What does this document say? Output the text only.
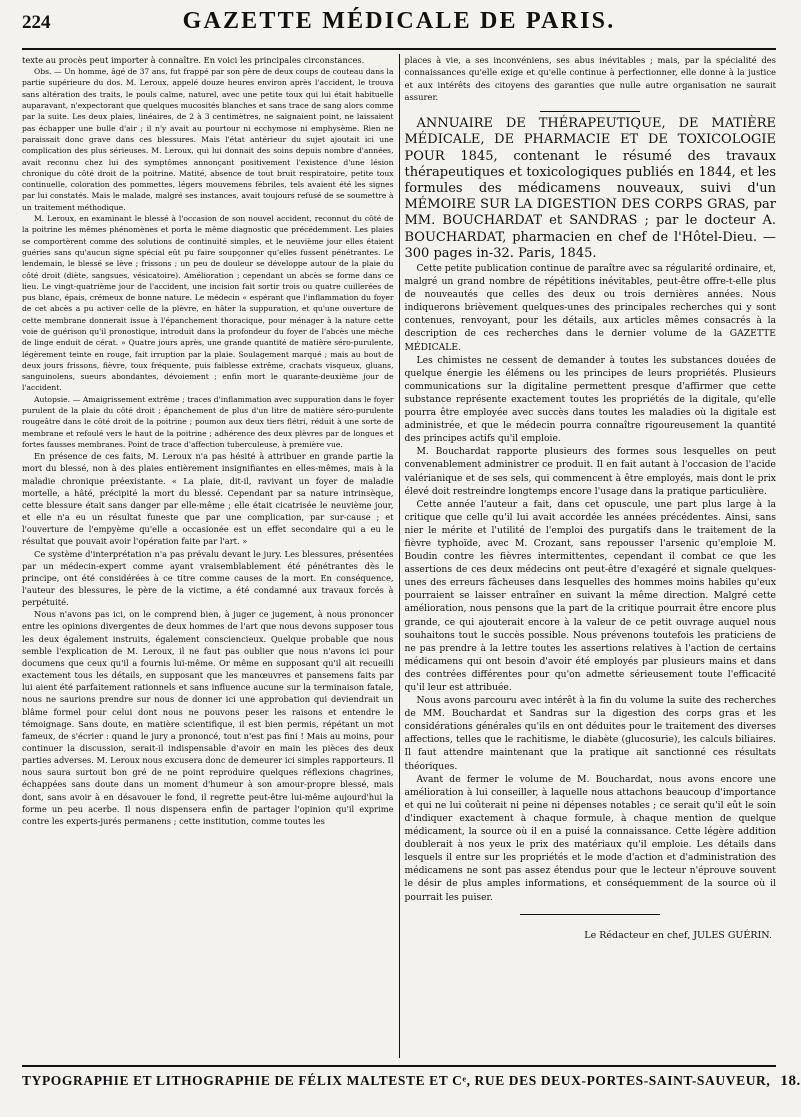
224	GAZETTE MÉDICALE DE PARIS.

texte au procès peut importer à connaître. En voici les principales circonstances.

Obs. — Un homme, âgé de 37 ans, fut frappé par son père de deux coups de couteau dans la partie supérieure du dos. M. Leroux, appelé douze heures environ après l'accident, le trouva sans altération des traits, le pouls calme, naturel, avec une petite toux qui lui était habituelle auparavant, n'expectorant que quelques mucosités blanches et sans trace de sang alors comme par la suite. Les deux plaies, linéaires, de 2 à 3 centimètres, ne saignaient point, ne laissaient pas échapper une bulle d'air ; il n'y avait au pourtour ni ecchymose ni emphysème. Rien ne paraissait donc grave dans ces blessures. Mais l'état antérieur du sujet ajoutait ici une complication des plus sérieuses. M. Leroux, qui lui donnait des soins depuis nombre d'années, avait reconnu chez lui des symptômes annonçant positivement l'existence d'une lésion chronique du côté droit de la poitrine. Matité, absence de tout bruit respiratoire, petite toux continuelle, coloration des pommettes, légers mouvemens fébriles, tels avaient été les signes par lui constatés. Mais le malade, malgré ses instances, avait toujours refusé de se soumettre à un traitement méthodique.

M. Leroux, en examinant le blessé à l'occasion de son nouvel accident, reconnut du côté de la poitrine les mêmes phénomènes et porta le même diagnostic que précédemment. Les plaies se comportèrent comme des solutions de continuité simples, et le neuvième jour elles étaient guéries sans qu'aucun signe spécial eût pu faire soupçonner qu'elles fussent pénétrantes. Le lendemain, le blessé se lève ; frissons ; un peu de douleur se développe autour de la plaie du côté droit (diète, sangsues, vésicatoire). Amélioration ; cependant un abcès se forme dans ce lieu. Le vingt-quatrième jour de l'accident, une incision fait sortir trois ou quatre cuillerées de pus blanc, épais, crémeux de bonne nature. Le médecin « espérant que l'inflammation du foyer de cet abcès a pu activer celle de la plèvre, en hâter la suppuration, et qu'une ouverture de cette membrane donnerait issue à l'épanchement thoracique, pour ménager à la nature cette voie de guérison qu'il pronostique, introduit dans la profondeur du foyer de l'abcès une mèche de linge enduit de cérat. » Quatre jours après, une grande quantité de matière séro-purulente, légèrement teinte en rouge, fait irruption par la plaie. Soulagement marqué ; mais au bout de deux jours frissons, fièvre, toux fréquente, puis faiblesse extrême, crachats visqueux, gluans, sanguinolens, sueurs abondantes, dévoiement ; enfin mort le quarante-deuxième jour de l'accident.

Autopsie. — Amaigrissement extrême ; traces d'inflammation avec suppuration dans le foyer purulent de la plaie du côté droit ; épanchement de plus d'un litre de matière séro-purulente rougeâtre dans le côté droit de la poitrine ; poumon aux deux tiers flétri, réduit à une sorte de membrane et refoulé vers le haut de la poitrine ; adhérence des deux plèvres par de longues et fortes fausses membranes. Point de trace d'affection tuberculeuse, à première vue.

En présence de ces faits, M. Leroux n'a pas hésité à attribuer en grande partie la mort du blessé, non à des plaies entièrement insignifiantes en elles-mêmes, mais à la maladie chronique préexistante. « La plaie, dit-il, ravivant un foyer de maladie mortelle, a hâté, précipité la mort du blessé. Cependant par sa nature intrinsèque, cette blessure était sans danger par elle-même ; elle était cicatrisée le neuvième jour, et elle n'a eu un résultat funeste que par une complication, par sur-cause ; et l'ouverture de l'empyème qu'elle a occasionée est un effet secondaire qui a eu le résultat que pouvait avoir l'opération faite par l'art. »

Ce système d'interprétation n'a pas prévalu devant le jury. Les blessures, présentées par un médecin-expert comme ayant vraisemblablement été pénétrantes dès le principe, ont été considérées à ce titre comme causes de la mort. En conséquence, l'auteur des blessures, le père de la victime, a été condamné aux travaux forcés à perpétuité.

Nous n'avons pas ici, on le comprend bien, à juger ce jugement, à nous prononcer entre les opinions divergentes de deux hommes de l'art que nous devons supposer tous les deux également instruits, également consciencieux. Quelque probable que nous semble l'explication de M. Leroux, il ne faut pas oublier que nous n'avons ici pour documens que ceux qu'il a fournis lui-même. Or même en supposant qu'il ait recueilli exactement tous les détails, en supposant que les manœuvres et pansemens faits par lui aient été parfaitement rationnels et sans influence aucune sur la terminaison fatale, nous ne saurions prendre sur nous de donner ici une approbation qui deviendrait un blâme formel pour celui dont nous ne pouvons peser les raisons et entendre le témoignage. Sans doute, en matière scientifique, il est bien permis, répétant un mot fameux, de s'écrier : quand le jury a prononcé, tout n'est pas fini ! Mais au moins, pour continuer la discussion, serait-il indispensable d'avoir en main les pièces des deux parties adverses. M. Leroux nous excusera donc de demeurer ici simples rapporteurs. Il nous saura surtout bon gré de ne point reproduire quelques réflexions chagrines, échappées sans doute dans un moment d'humeur à son amour-propre blessé, mais dont, sans avoir à en désavouer le fond, il regrette peut-être lui-même aujourd'hui la forme un peu acerbe. Il nous dispensera enfin de partager l'opinion qu'il exprime contre les experts-jurés permanens ; cette institution, comme toutes les

places à vie, a ses inconvéniens, ses abus inévitables ; mais, par la spécialité des connaissances qu'elle exige et qu'elle continue à perfectionner, elle donne à la justice et aux intérêts des citoyens des garanties que nulle autre organisation ne saurait assurer.

ANNUAIRE DE THÉRAPEUTIQUE, DE MATIÈRE MÉDICALE, DE PHARMACIE ET DE TOXICOLOGIE POUR 1845, contenant le résumé des travaux thérapeutiques et toxicologiques publiés en 1844, et les formules des médicamens nouveaux, suivi d'un MÉMOIRE SUR LA DIGESTION DES CORPS GRAS, par MM. BOUCHARDAT et SANDRAS ; par le docteur A. BOUCHARDAT, pharmacien en chef de l'Hôtel-Dieu. — 300 pages in-32. Paris, 1845.

Cette petite publication continue de paraître avec sa régularité ordinaire, et, malgré un grand nombre de répétitions inévitables, peut-être offre-t-elle plus de nouveautés que celles des deux ou trois dernières années. Nous indiquerons brièvement quelques-unes des principales recherches qui y sont contenues, renvoyant, pour les détails, aux articles mêmes consacrés à la description de ces recherches dans le dernier volume de la GAZETTE MÉDICALE.

Les chimistes ne cessent de demander à toutes les substances douées de quelque énergie les élémens ou les principes de leurs propriétés. Plusieurs communications sur la digitaline permettent presque d'affirmer que cette substance représente exactement toutes les propriétés de la digitale, qu'elle pourra être employée avec succès dans toutes les maladies où la digitale est administrée, et que le médecin pourra connaître rigoureusement la quantité des principes actifs qu'il emploie.

M. Bouchardat rapporte plusieurs des formes sous lesquelles on peut convenablement administrer ce produit. Il en fait autant à l'occasion de l'acide valérianique et de ses sels, qui commencent à être employés, mais dont le prix élevé doit restreindre longtemps encore l'usage dans la pratique particulière.

Cette année l'auteur a fait, dans cet opuscule, une part plus large à la critique que celle qu'il lui avait accordée les années précédentes. Ainsi, sans nier le mérite et l'utilité de l'emploi des purgatifs dans le traitement de la fièvre typhoïde, avec M. Crozant, sans repousser l'arsenic qu'emploie M. Boudin contre les fièvres intermittentes, cependant il combat ce que les assertions de ces deux médecins ont peut-être d'exagéré et signale quelques-unes des erreurs fâcheuses dans lesquelles des hommes moins habiles qu'eux pourraient se laisser entraîner en suivant la même direction. Malgré cette amélioration, nous pensons que la part de la critique pourrait être encore plus grande, ce qui ajouterait encore à la valeur de ce petit ouvrage auquel nous souhaitons tout le succès possible. Nous prévenons toutefois les praticiens de ne pas prendre à la lettre toutes les assertions relatives à l'action de certains médicamens qui ont besoin d'avoir été employés par plusieurs mains et dans des contrées différentes pour qu'on admette sérieusement toute l'efficacité qu'il leur est attribuée.

Nous avons parcouru avec intérêt à la fin du volume la suite des recherches de MM. Bouchardat et Sandras sur la digestion des corps gras et les considérations générales qu'ils en ont déduites pour le traitement des diverses affections, telles que le rachitisme, le diabète (glucosurie), les calculs biliaires. Il faut attendre maintenant que la pratique ait sanctionné ces résultats théoriques.

Avant de fermer le volume de M. Bouchardat, nous avons encore une amélioration à lui conseiller, à laquelle nous attachons beaucoup d'importance et qui ne lui coûterait ni peine ni dépenses notables ; ce serait qu'il eût le soin d'indiquer exactement à chaque formule, à chaque mention de quelque médicament, la source où il en a puisé la connaissance. Cette légère addition doublerait à nos yeux le prix des matériaux qu'il emploie. Les détails dans lesquels il entre sur les propriétés et le mode d'action et d'administration des médicamens ne sont pas assez étendus pour que le lecteur n'éprouve souvent le désir de plus amples informations, et conséquemment de la source où il pourrait les puiser.

Le Rédacteur en chef, JULES GUÉRIN.
TYPOGRAPHIE ET LITHOGRAPHIE DE FÉLIX MALTESTE ET Cᵉ, RUE DES DEUX-PORTES-SAINT-SAUVEUR, 18.
